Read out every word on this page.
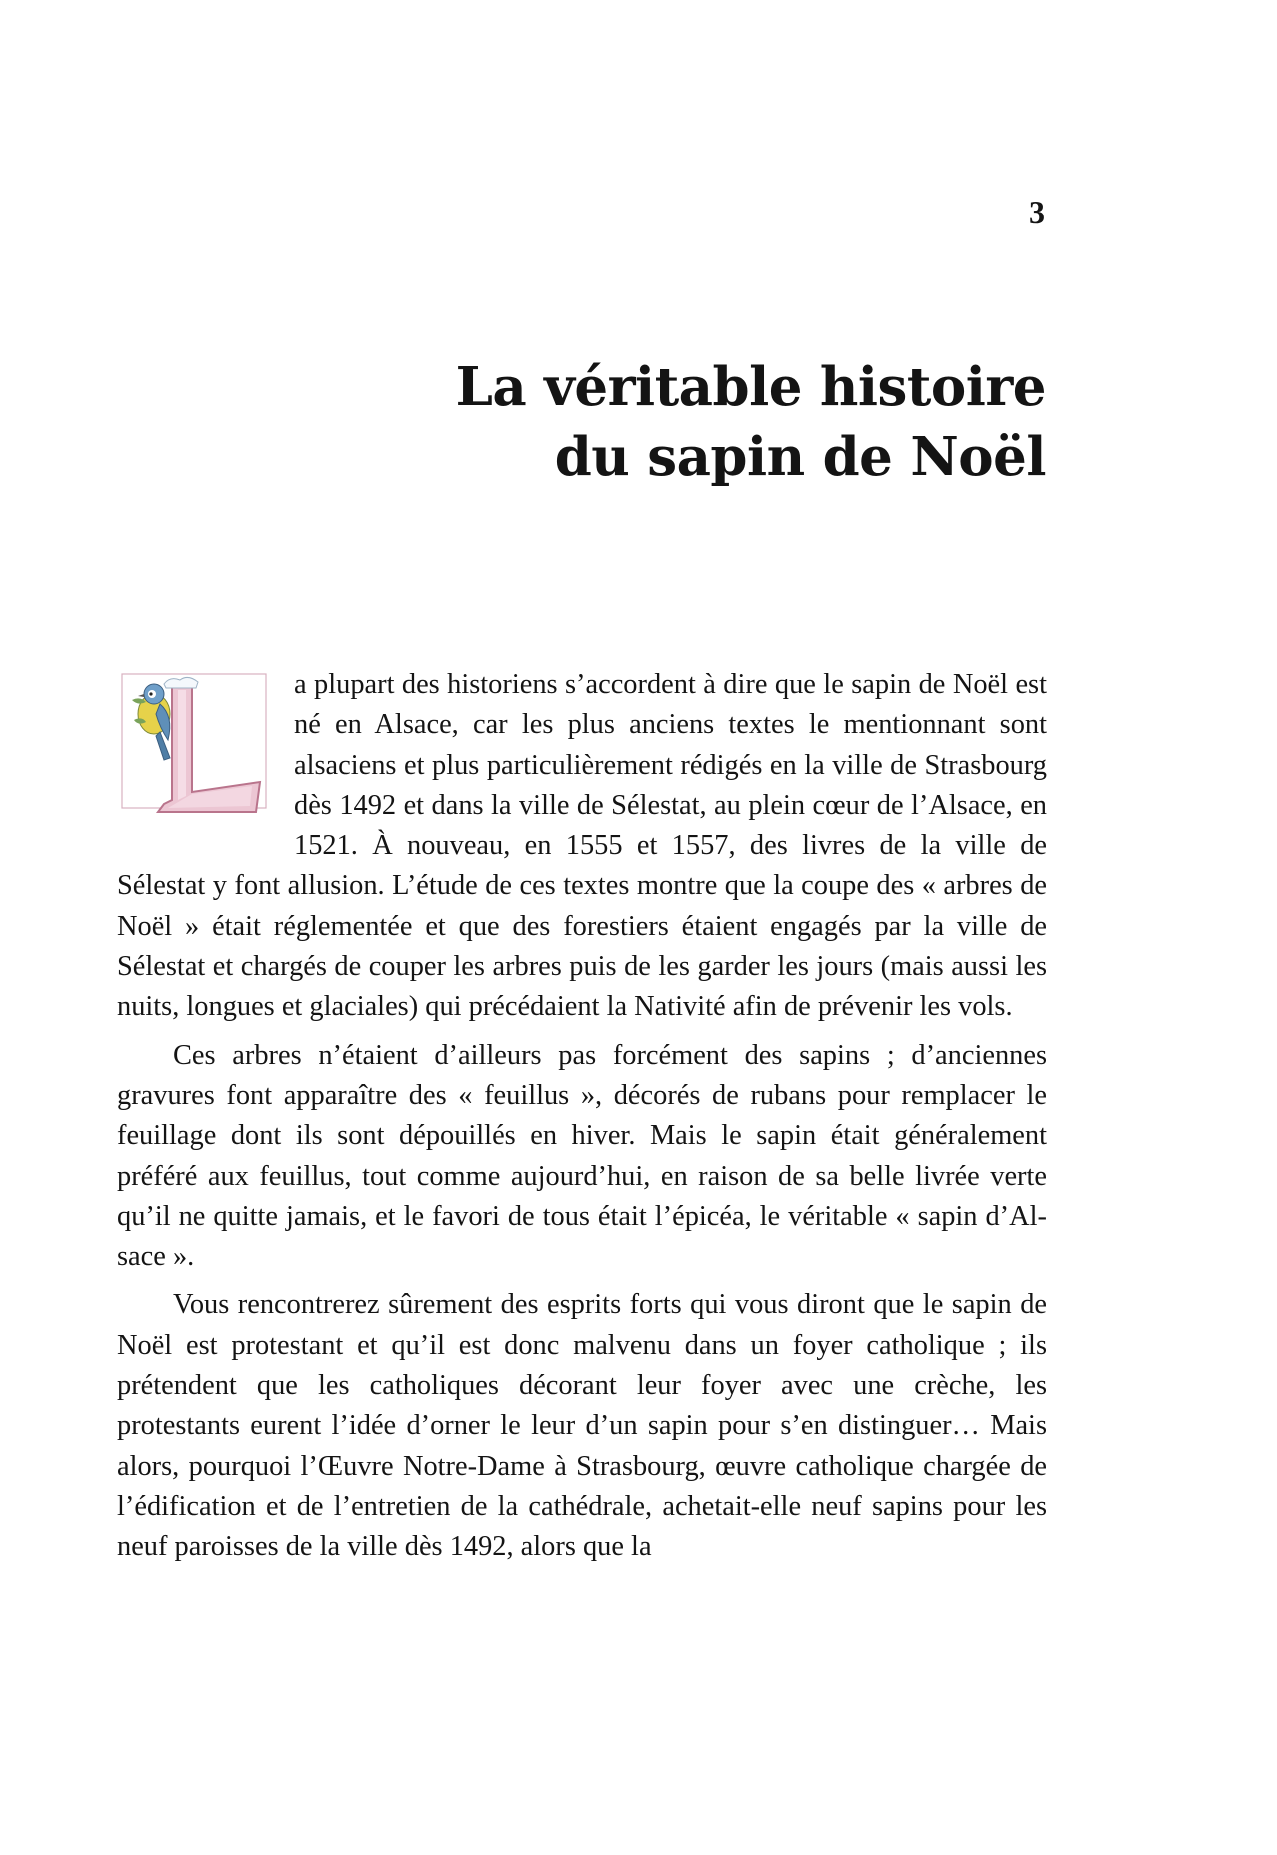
3
La véritable histoire
du sapin de Noël

a plupart des historiens s’accordent à dire que le sapin de Noël est né en Alsace, car les plus anciens textes le mentionnant sont alsaciens et plus particulièrement rédigés en la ville de Strasbourg dès 1492 et dans la ville de Sélestat, au plein cœur de l’Alsace, en 1521. À nouveau, en 1555 et 1557, des livres de la ville de Sélestat y font allusion. L’étude de ces textes montre que la coupe des « arbres de Noël » était réglementée et que des forestiers étaient engagés par la ville de Sélestat et chargés de couper les arbres puis de les garder les jours (mais aussi les nuits, longues et glaciales) qui précédaient la Nativité afin de prévenir les vols.

Ces arbres n’étaient d’ailleurs pas forcément des sapins ; d’anciennes gravures font apparaître des « feuillus », décorés de rubans pour remplacer le feuillage dont ils sont dépouillés en hiver. Mais le sapin était généralement préféré aux feuillus, tout comme aujourd’hui, en raison de sa belle livrée verte qu’il ne quitte jamais, et le favori de tous était l’épicéa, le véritable « sapin d’Alsace ».

Vous rencontrerez sûrement des esprits forts qui vous diront que le sapin de Noël est protestant et qu’il est donc malvenu dans un foyer catholique ; ils prétendent que les catholiques décorant leur foyer avec une crèche, les protestants eurent l’idée d’orner le leur d’un sapin pour s’en distinguer… Mais alors, pourquoi l’Œuvre Notre-Dame à Strasbourg, œuvre catholique chargée de l’édification et de l’entretien de la cathédrale, achetait-elle neuf sapins pour les neuf paroisses de la ville dès 1492, alors que la
